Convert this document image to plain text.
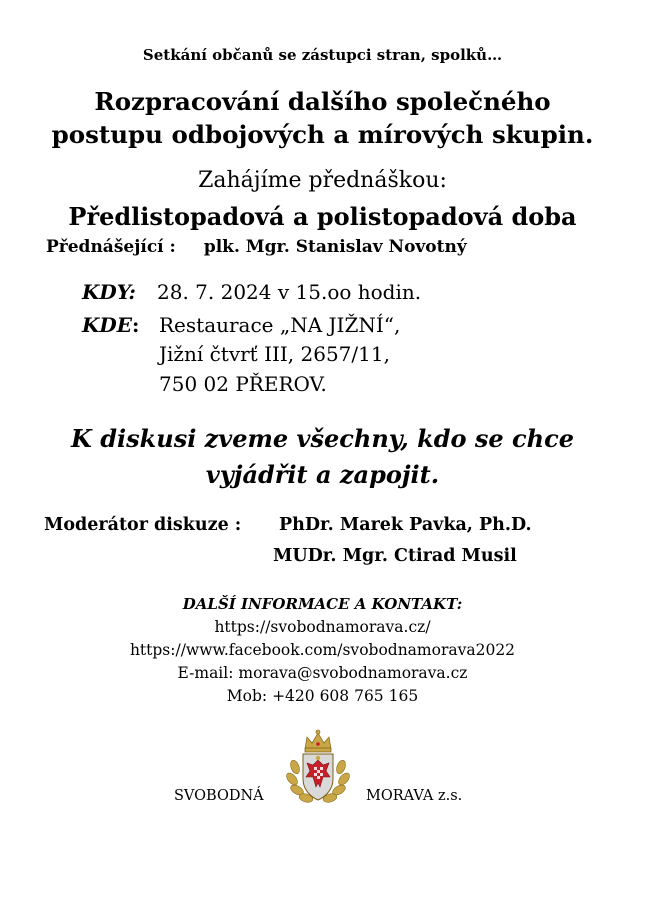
Setkání občanů se zástupci stran, spolků…
Rozpracování dalšího společného
postupu odbojových a mírových skupin.
Zahájíme přednáškou:
Předlistopadová a polistopadová doba
Přednášející : plk. Mgr. Stanislav Novotný
KDY: 28. 7. 2024 v 15.oo hodin.
KDE: Restaurace „NA JIŽNÍ“,
Jižní čtvrť III, 2657/11,
750 02 PŘEROV.
K diskusi zveme všechny, kdo se chce
vyjádřit a zapojit.
Moderátor diskuze : PhDr. Marek Pavka, Ph.D.
MUDr. Mgr. Ctirad Musil
DALŠÍ INFORMACE A KONTAKT:
https://svobodnamorava.cz/
https://www.facebook.com/svobodnamorava2022
E-mail: morava@svobodnamorava.cz
Mob: +420 608 765 165
SVOBODNÁ	MORAVA z.s.
